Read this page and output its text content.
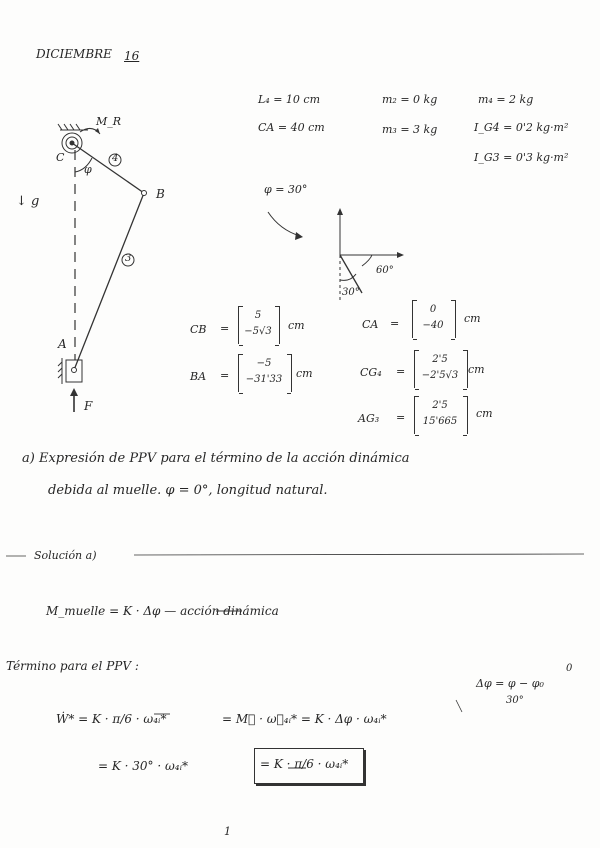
DICIEMBRE 16
L₄ = 10 cm
CA = 40 cm
m₂ = 0 kg
m₃ = 3 kg
m₄ = 2 kg
I_G4 = 0'2 kg·m²
I_G3 = 0'3 kg·m²
C
M_R
φ
4
B
3
A
F
↓ g
φ = 30°
60°
30°
CB =
5
−5√3	cm	CA =
0
−40
cm
BA =
−5
−31'33	cm	CG₄ =
2'5
−2'5√3 cm
AG₃ =
2'5
15'665
cm
a) Expresión de PPV para el término de la acción dinámica
debida al muelle. φ = 0°, longitud natural.
Solución a)
M_muelle = K · Δφ — acción dinámica
Término para el PPV :
Ẇ* = K · π/6 · ω₄ᵢ*	= M⃗ · ω⃗₄ᵢ* = K · Δφ · ω₄ᵢ*
= K · 30° · ω₄ᵢ*	= K · π/6 · ω₄ᵢ*
Δφ = φ − φ₀
0
30°
1
